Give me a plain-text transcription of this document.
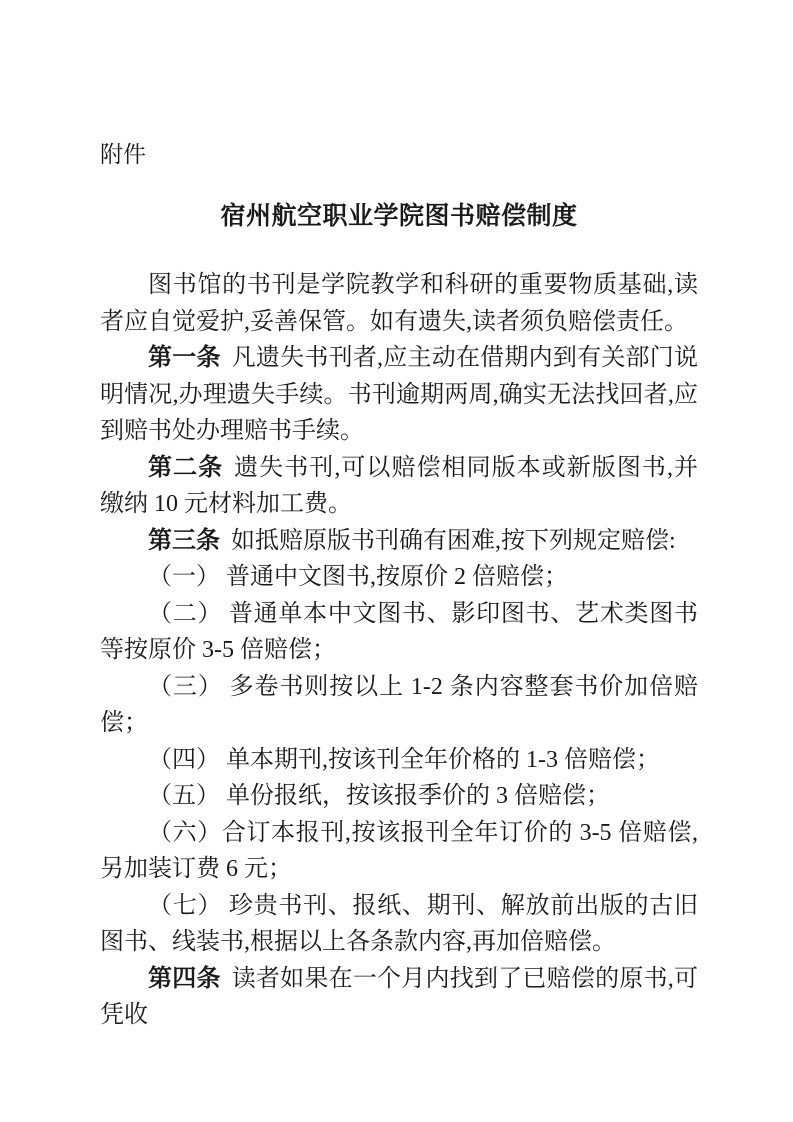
附件
宿州航空职业学院图书赔偿制度

图书馆的书刊是学院教学和科研的重要物质基础,读者应自觉爱护,妥善保管。如有遗失,读者须负赔偿责任。

第一条 凡遗失书刊者,应主动在借期内到有关部门说明情况,办理遗失手续。书刊逾期两周,确实无法找回者,应到赔书处办理赔书手续。

第二条 遗失书刊,可以赔偿相同版本或新版图书,并缴纳 10 元材料加工费。

第三条 如抵赔原版书刊确有困难,按下列规定赔偿:

（一） 普通中文图书,按原价 2 倍赔偿；

（二） 普通单本中文图书、影印图书、艺术类图书等按原价 3-5 倍赔偿；

（三） 多卷书则按以上 1-2 条内容整套书价加倍赔偿；

（四） 单本期刊,按该刊全年价格的 1-3 倍赔偿；

（五） 单份报纸，按该报季价的 3 倍赔偿；

（六）合订本报刊,按该报刊全年订价的 3-5 倍赔偿,另加装订费 6 元；

（七） 珍贵书刊、报纸、期刊、解放前出版的古旧图书、线装书,根据以上各条款内容,再加倍赔偿。

第四条 读者如果在一个月内找到了已赔偿的原书,可凭收
